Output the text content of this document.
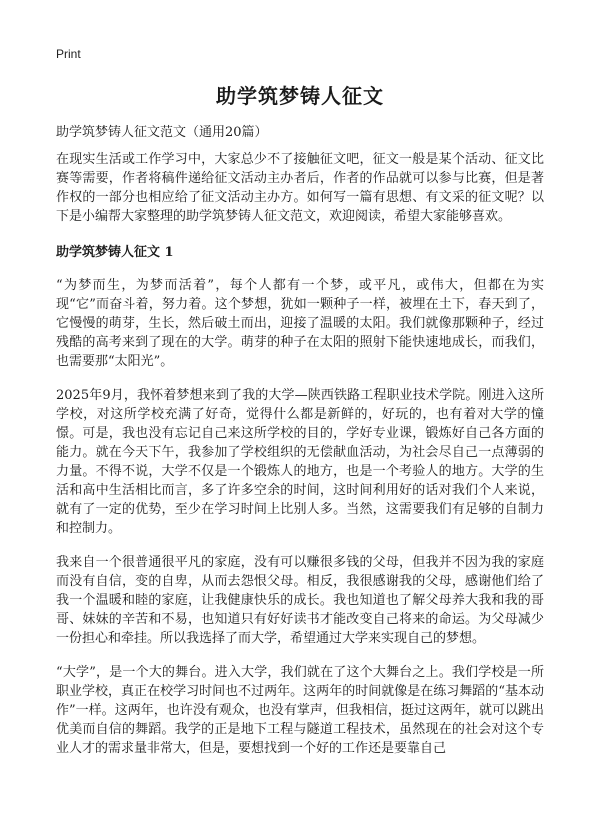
Print
助学筑梦铸人征文

助学筑梦铸人征文范文（通用20篇）

在现实生活或工作学习中，大家总少不了接触征文吧，征文一般是某个活动、征文比赛等需要，作者将稿件递给征文活动主办者后，作者的作品就可以参与比赛，但是著作权的一部分也相应给了征文活动主办方。如何写一篇有思想、有文采的征文呢？以下是小编帮大家整理的助学筑梦铸人征文范文，欢迎阅读，希望大家能够喜欢。

助学筑梦铸人征文 1

“为梦而生，为梦而活着”，每个人都有一个梦，或平凡，或伟大，但都在为实现“它”而奋斗着，努力着。这个梦想，犹如一颗种子一样，被埋在土下，春天到了，它慢慢的萌芽，生长，然后破土而出，迎接了温暖的太阳。我们就像那颗种子，经过残酷的高考来到了现在的大学。萌芽的种子在太阳的照射下能快速地成长，而我们，也需要那“太阳光”。

2025年9月，我怀着梦想来到了我的大学—陕西铁路工程职业技术学院。刚进入这所学校，对这所学校充满了好奇，觉得什么都是新鲜的，好玩的，也有着对大学的憧憬。可是，我也没有忘记自己来这所学校的目的，学好专业课，锻炼好自己各方面的能力。就在今天下午，我参加了学校组织的无偿献血活动，为社会尽自己一点薄弱的力量。不得不说，大学不仅是一个锻炼人的地方，也是一个考验人的地方。大学的生活和高中生活相比而言，多了许多空余的时间，这时间利用好的话对我们个人来说，就有了一定的优势，至少在学习时间上比别人多。当然，这需要我们有足够的自制力和控制力。

我来自一个很普通很平凡的家庭，没有可以赚很多钱的父母，但我并不因为我的家庭而没有自信，变的自卑，从而去怨恨父母。相反，我很感谢我的父母，感谢他们给了我一个温暖和睦的家庭，让我健康快乐的成长。我也知道也了解父母养大我和我的哥哥、妹妹的辛苦和不易，也知道只有好好读书才能改变自己将来的命运。为父母减少一份担心和牵挂。所以我选择了而大学，希望通过大学来实现自己的梦想。

“大学”，是一个大的舞台。进入大学，我们就在了这个大舞台之上。我们学校是一所职业学校，真正在校学习时间也不过两年。这两年的时间就像是在练习舞蹈的“基本动作”一样。这两年，也许没有观众，也没有掌声，但我相信，挺过这两年，就可以跳出优美而自信的舞蹈。我学的正是地下工程与隧道工程技术，虽然现在的社会对这个专业人才的需求量非常大，但是，要想找到一个好的工作还是要靠自己
